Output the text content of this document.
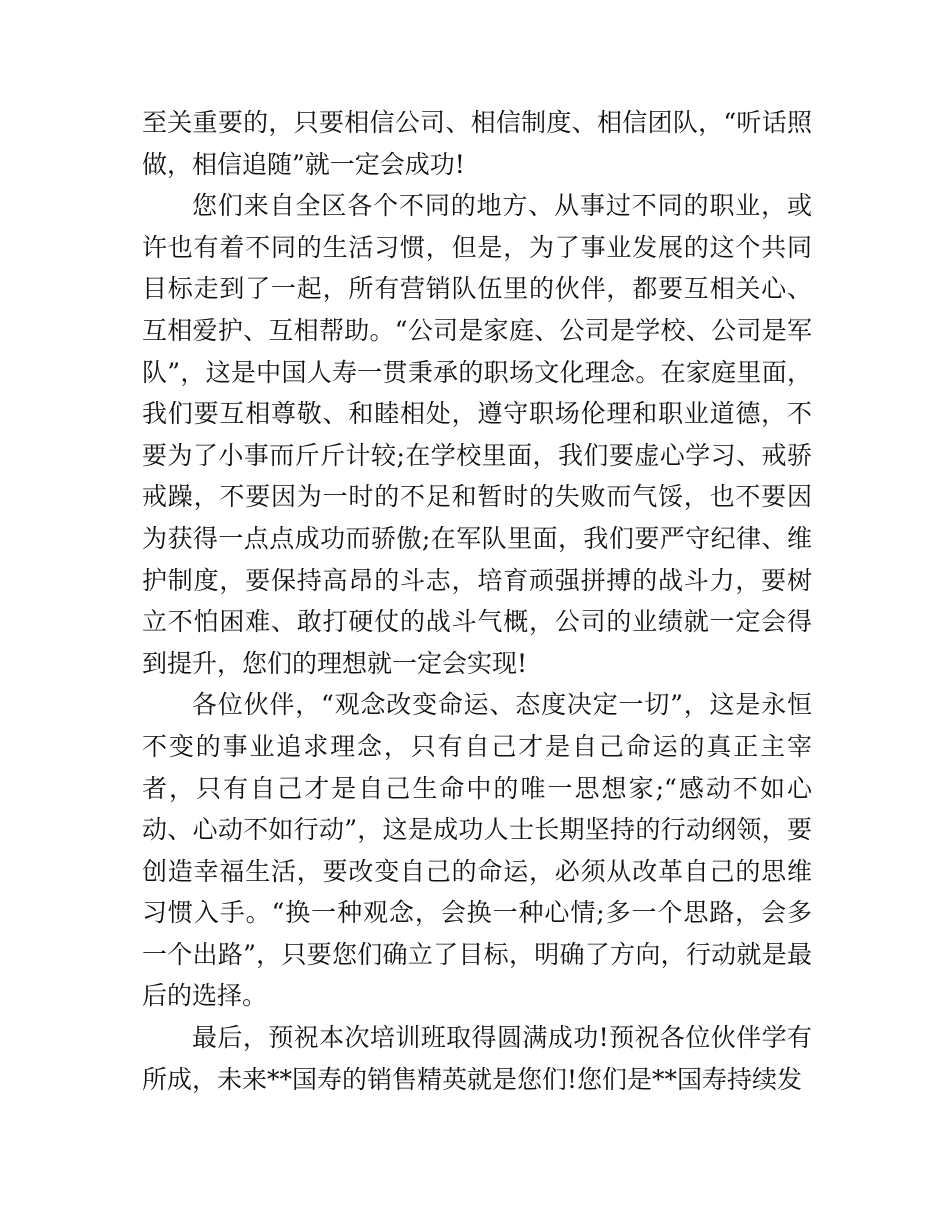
至关重要的，只要相信公司、相信制度、相信团队，“听话照做，相信追随”就一定会成功!

您们来自全区各个不同的地方、从事过不同的职业，或许也有着不同的生活习惯，但是，为了事业发展的这个共同目标走到了一起，所有营销队伍里的伙伴，都要互相关心、互相爱护、互相帮助。“公司是家庭、公司是学校、公司是军队”，这是中国人寿一贯秉承的职场文化理念。在家庭里面，我们要互相尊敬、和睦相处，遵守职场伦理和职业道德，不要为了小事而斤斤计较;在学校里面，我们要虚心学习、戒骄戒躁，不要因为一时的不足和暂时的失败而气馁，也不要因为获得一点点成功而骄傲;在军队里面，我们要严守纪律、维护制度，要保持高昂的斗志，培育顽强拼搏的战斗力，要树立不怕困难、敢打硬仗的战斗气概，公司的业绩就一定会得到提升，您们的理想就一定会实现!

各位伙伴，“观念改变命运、态度决定一切”，这是永恒不变的事业追求理念，只有自己才是自己命运的真正主宰者，只有自己才是自己生命中的唯一思想家;“感动不如心动、心动不如行动”，这是成功人士长期坚持的行动纲领，要创造幸福生活，要改变自己的命运，必须从改革自己的思维习惯入手。“换一种观念，会换一种心情;多一个思路，会多一个出路”，只要您们确立了目标，明确了方向，行动就是最后的选择。

最后，预祝本次培训班取得圆满成功!预祝各位伙伴学有所成，未来**国寿的销售精英就是您们!您们是**国寿持续发
